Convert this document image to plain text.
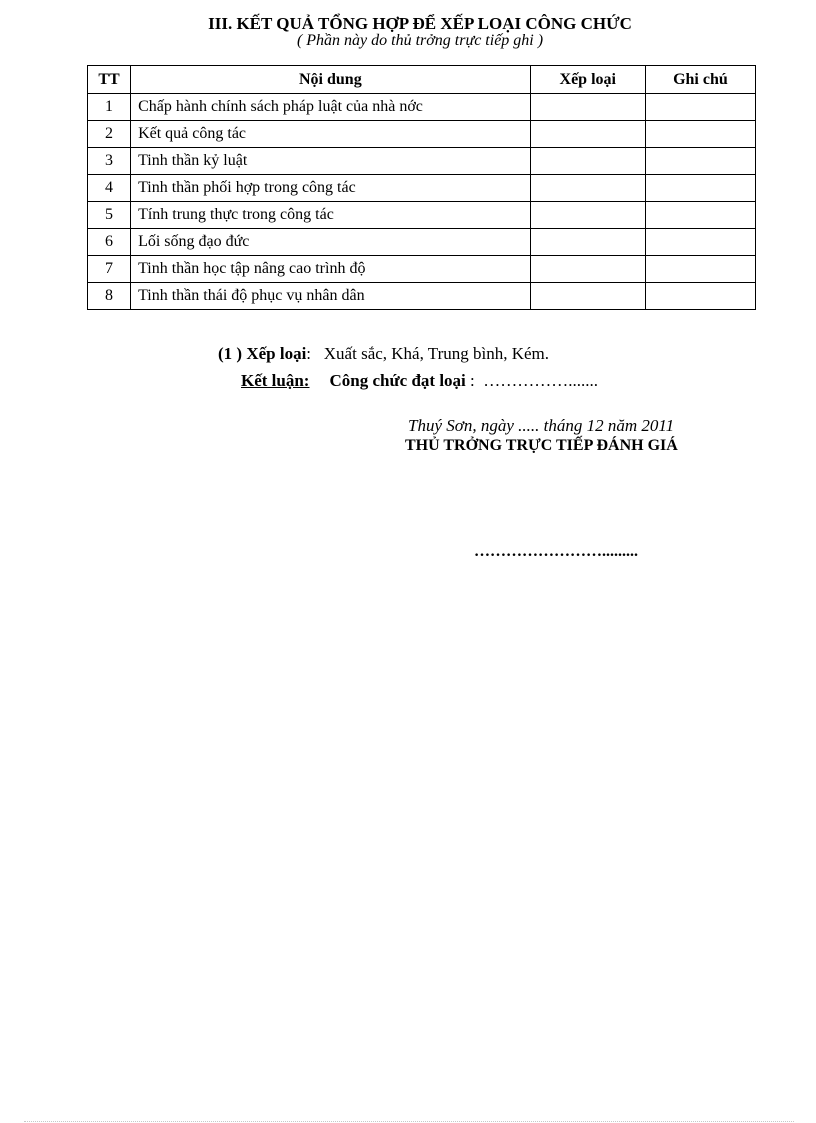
III. KẾT QUẢ TỔNG HỢP ĐỂ XẾP LOẠI CÔNG CHỨC
( Phần này do thủ trởng trực tiếp ghi )
TT	Nội dung	Xếp loại	Ghi chú
1	Chấp hành chính sách pháp luật của nhà nớc		
2	Kết quả công tác		
3	Tinh thần kỷ luật		
4	Tinh thần phối hợp trong công tác		
5	Tính trung thực trong công tác		
6	Lối sống đạo đức		
7	Tinh thần học tập nâng cao trình độ		
8	Tinh thần thái độ phục vụ nhân dân		
(1 ) Xếp loại: Xuất sắc, Khá, Trung bình, Kém.
Kết luận: Công chức đạt loại : …………….......
Thuý Sơn, ngày ..... tháng 12 năm 2011
THỦ TRỞNG TRỰC TIẾP ĐÁNH GIÁ
…………………….........
